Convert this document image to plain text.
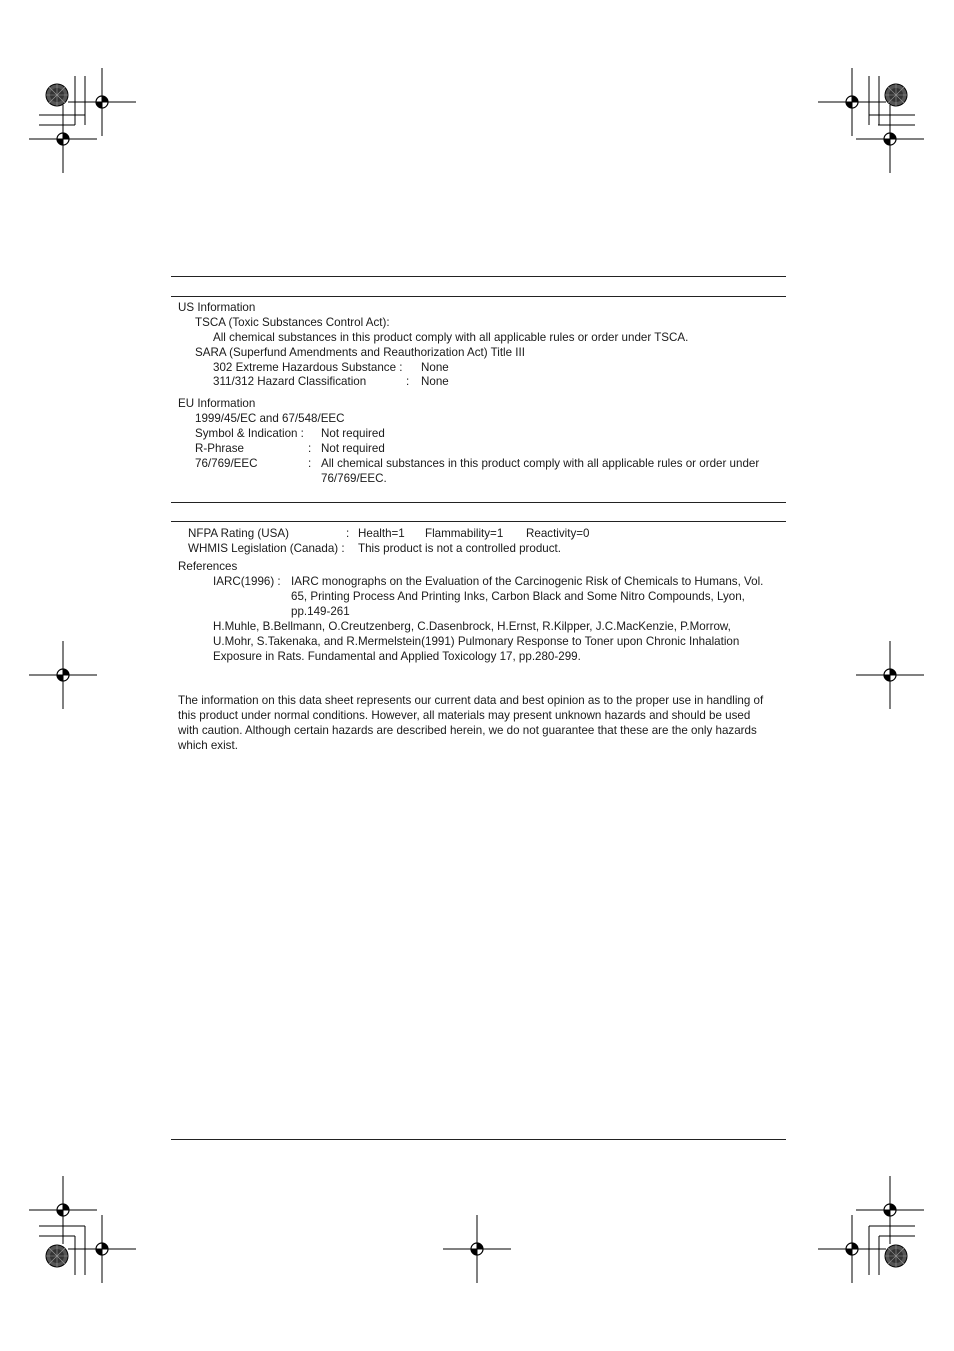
US Information
TSCA (Toxic Substances Control Act):
All chemical substances in this product comply with all applicable rules or order under TSCA.
SARA (Superfund Amendments and Reauthorization Act) Title III
302 Extreme Hazardous Substance : None
311/312 Hazard Classification	: None
EU Information
1999/45/EC and 67/548/EEC
Symbol & Indication : Not required
R-Phrase	: Not required
76/769/EEC	: All chemical substances in this product comply with all applicable rules or order under
76/769/EEC.
NFPA Rating (USA)	: Health=1 Flammability=1 Reactivity=0
WHMIS Legislation (Canada) : This product is not a controlled product.
References
IARC(1996) : IARC monographs on the Evaluation of the Carcinogenic Risk of Chemicals to Humans, Vol.
65, Printing Process And Printing Inks, Carbon Black and Some Nitro Compounds, Lyon,
pp.149-261
H.Muhle, B.Bellmann, O.Creutzenberg, C.Dasenbrock, H.Ernst, R.Kilpper, J.C.MacKenzie, P.Morrow,
U.Mohr, S.Takenaka, and R.Mermelstein(1991) Pulmonary Response to Toner upon Chronic Inhalation
Exposure in Rats. Fundamental and Applied Toxicology 17, pp.280-299.
The information on this data sheet represents our current data and best opinion as to the proper use in handling of
this product under normal conditions. However, all materials may present unknown hazards and should be used
with caution. Although certain hazards are described herein, we do not guarantee that these are the only hazards
which exist.
